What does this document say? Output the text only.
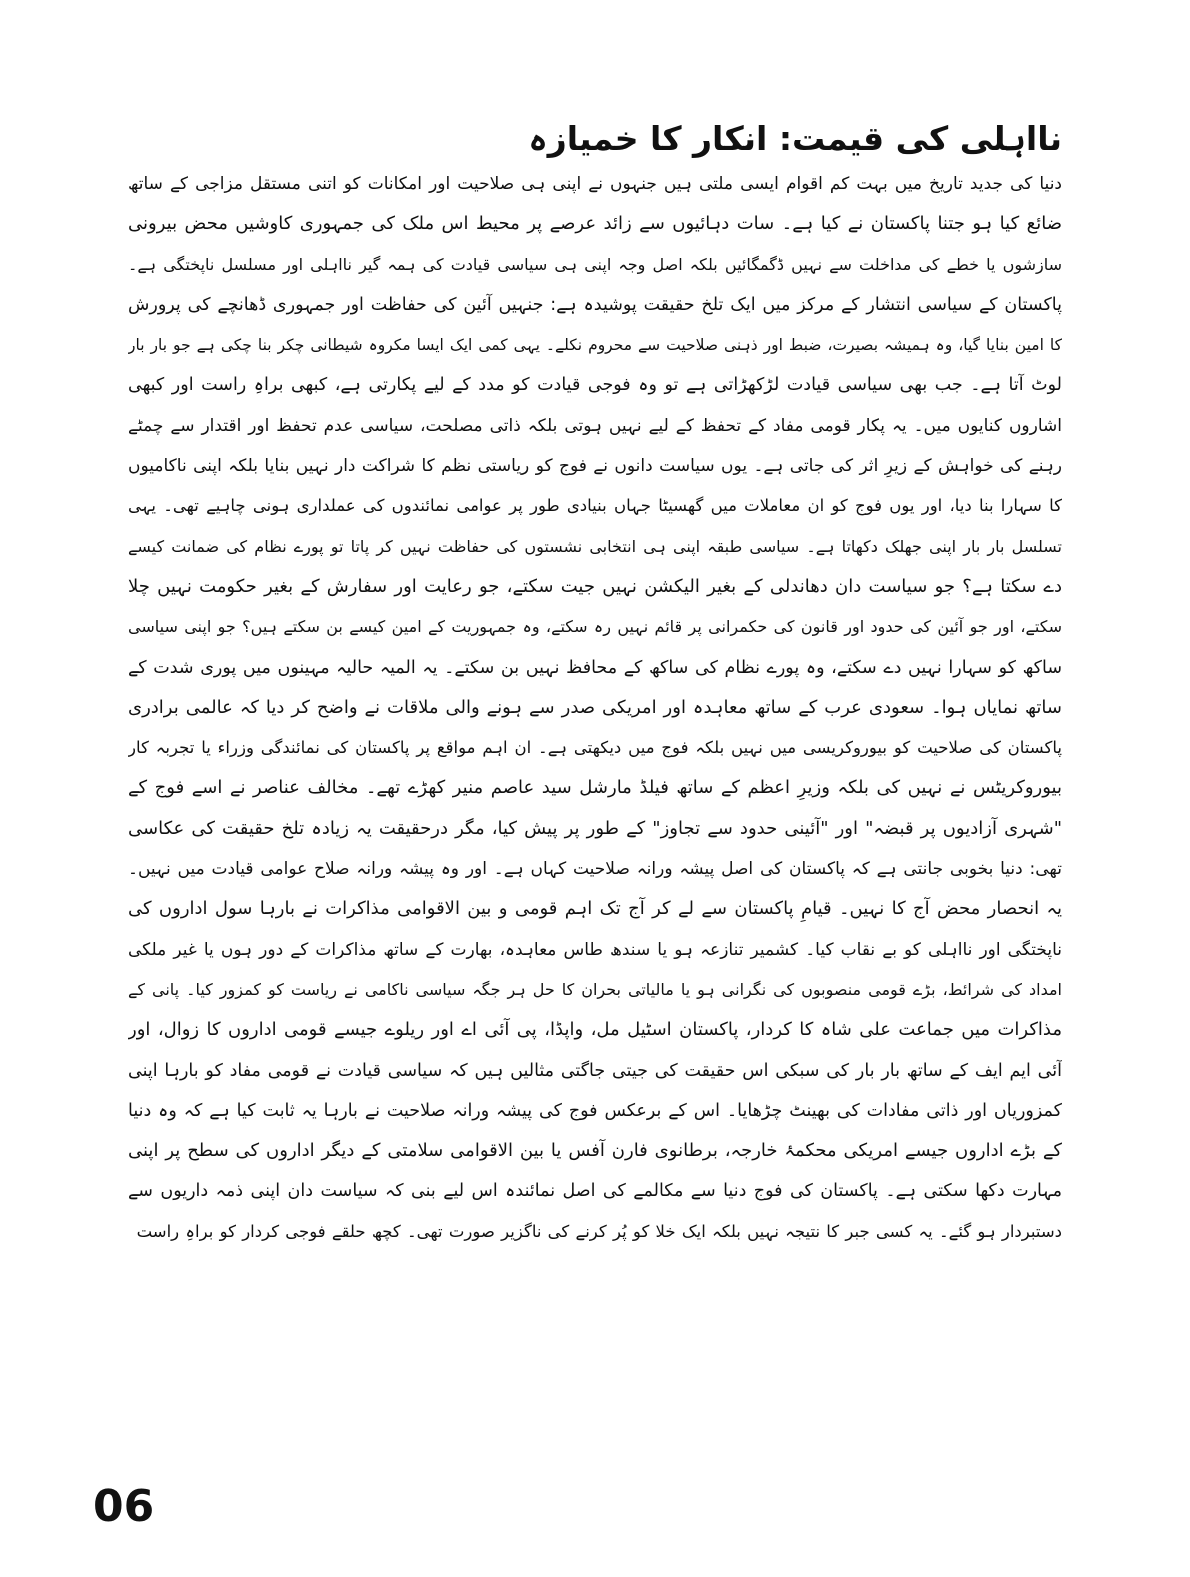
نااہلی کی قیمت: انکار کا خمیازہ
دنیا کی جدید تاریخ میں بہت کم اقوام ایسی ملتی ہیں جنہوں نے اپنی ہی صلاحیت اور امکانات کو اتنی مستقل مزاجی کے ساتھ
ضائع کیا ہو جتنا پاکستان نے کیا ہے۔ سات دہائیوں سے زائد عرصے پر محیط اس ملک کی جمہوری کاوشیں محض بیرونی
سازشوں یا خطے کی مداخلت سے نہیں ڈگمگائیں بلکہ اصل وجہ اپنی ہی سیاسی قیادت کی ہمہ گیر نااہلی اور مسلسل ناپختگی ہے۔
پاکستان کے سیاسی انتشار کے مرکز میں ایک تلخ حقیقت پوشیدہ ہے: جنہیں آئین کی حفاظت اور جمہوری ڈھانچے کی پرورش
کا امین بنایا گیا، وہ ہمیشہ بصیرت، ضبط اور ذہنی صلاحیت سے محروم نکلے۔ یہی کمی ایک ایسا مکروہ شیطانی چکر بنا چکی ہے جو بار بار
لوٹ آتا ہے۔ جب بھی سیاسی قیادت لڑکھڑاتی ہے تو وہ فوجی قیادت کو مدد کے لیے پکارتی ہے، کبھی براہِ راست اور کبھی
اشاروں کنایوں میں۔ یہ پکار قومی مفاد کے تحفظ کے لیے نہیں ہوتی بلکہ ذاتی مصلحت، سیاسی عدم تحفظ اور اقتدار سے چمٹے
رہنے کی خواہش کے زیرِ اثر کی جاتی ہے۔ یوں سیاست دانوں نے فوج کو ریاستی نظم کا شراکت دار نہیں بنایا بلکہ اپنی ناکامیوں
کا سہارا بنا دیا، اور یوں فوج کو ان معاملات میں گھسیٹا جہاں بنیادی طور پر عوامی نمائندوں کی عملداری ہونی چاہیے تھی۔ یہی
تسلسل بار بار اپنی جھلک دکھاتا ہے۔ سیاسی طبقہ اپنی ہی انتخابی نشستوں کی حفاظت نہیں کر پاتا تو پورے نظام کی ضمانت کیسے
دے سکتا ہے؟ جو سیاست دان دھاندلی کے بغیر الیکشن نہیں جیت سکتے، جو رعایت اور سفارش کے بغیر حکومت نہیں چلا
سکتے، اور جو آئین کی حدود اور قانون کی حکمرانی پر قائم نہیں رہ سکتے، وہ جمہوریت کے امین کیسے بن سکتے ہیں؟ جو اپنی سیاسی
ساکھ کو سہارا نہیں دے سکتے، وہ پورے نظام کی ساکھ کے محافظ نہیں بن سکتے۔ یہ المیہ حالیہ مہینوں میں پوری شدت کے
ساتھ نمایاں ہوا۔ سعودی عرب کے ساتھ معاہدہ اور امریکی صدر سے ہونے والی ملاقات نے واضح کر دیا کہ عالمی برادری
پاکستان کی صلاحیت کو بیوروکریسی میں نہیں بلکہ فوج میں دیکھتی ہے۔ ان اہم مواقع پر پاکستان کی نمائندگی وزراء یا تجربہ کار
بیوروکریٹس نے نہیں کی بلکہ وزیرِ اعظم کے ساتھ فیلڈ مارشل سید عاصم منیر کھڑے تھے۔ مخالف عناصر نے اسے فوج کے
"شہری آزادیوں پر قبضہ" اور "آئینی حدود سے تجاوز" کے طور پر پیش کیا، مگر درحقیقت یہ زیادہ تلخ حقیقت کی عکاسی
تھی: دنیا بخوبی جانتی ہے کہ پاکستان کی اصل پیشہ ورانہ صلاحیت کہاں ہے۔ اور وہ پیشہ ورانہ صلاح عوامی قیادت میں نہیں۔
یہ انحصار محض آج کا نہیں۔ قیامِ پاکستان سے لے کر آج تک اہم قومی و بین الاقوامی مذاکرات نے بارہا سول اداروں کی
ناپختگی اور نااہلی کو بے نقاب کیا۔ کشمیر تنازعہ ہو یا سندھ طاس معاہدہ، بھارت کے ساتھ مذاکرات کے دور ہوں یا غیر ملکی
امداد کی شرائط، بڑے قومی منصوبوں کی نگرانی ہو یا مالیاتی بحران کا حل ہر جگہ سیاسی ناکامی نے ریاست کو کمزور کیا۔ پانی کے
مذاکرات میں جماعت علی شاہ کا کردار، پاکستان اسٹیل مل، واپڈا، پی آئی اے اور ریلوے جیسے قومی اداروں کا زوال، اور
آئی ایم ایف کے ساتھ بار بار کی سبکی اس حقیقت کی جیتی جاگتی مثالیں ہیں کہ سیاسی قیادت نے قومی مفاد کو بارہا اپنی
کمزوریاں اور ذاتی مفادات کی بھینٹ چڑھایا۔ اس کے برعکس فوج کی پیشہ ورانہ صلاحیت نے بارہا یہ ثابت کیا ہے کہ وہ دنیا
کے بڑے اداروں جیسے امریکی محکمۂ خارجہ، برطانوی فارن آفس یا بین الاقوامی سلامتی کے دیگر اداروں کی سطح پر اپنی
مہارت دکھا سکتی ہے۔ پاکستان کی فوج دنیا سے مکالمے کی اصل نمائندہ اس لیے بنی کہ سیاست دان اپنی ذمہ داریوں سے
دستبردار ہو گئے۔ یہ کسی جبر کا نتیجہ نہیں بلکہ ایک خلا کو پُر کرنے کی ناگزیر صورت تھی۔ کچھ حلقے فوجی کردار کو براہِ راست
06
